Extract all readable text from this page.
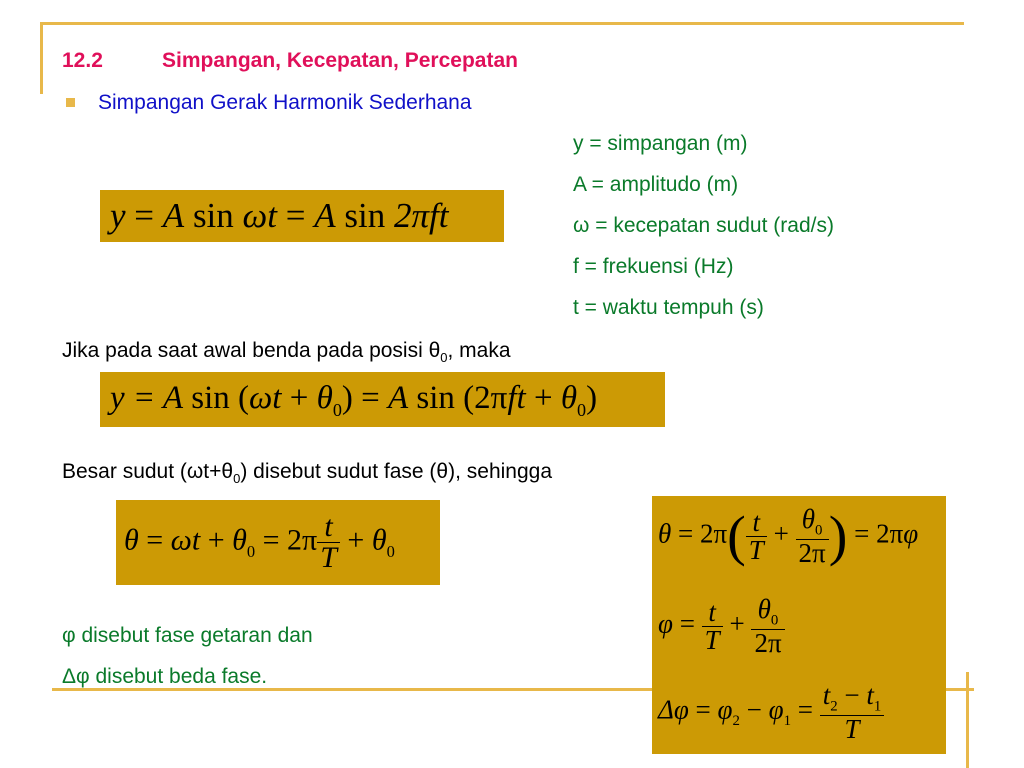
12.2	Simpangan, Kecepatan, Percepatan
Simpangan Gerak Harmonik Sederhana
y = simpangan (m)
A = amplitudo (m)
ω = kecepatan sudut (rad/s)
f = frekuensi (Hz)
t = waktu tempuh (s)
y = A sin ωt = A sin 2πft
Jika pada saat awal benda pada posisi $\theta_0$, maka
y = A $\sin (\omega t + \theta_0) = A$ $\sin (2\pi ft + \theta_0)$
Besar sudut $(\omega t+\theta_0)$ disebut sudut fase (θ), sehingga
$\theta = \omega t + \theta_0 = 2\pi \frac{t}{T} + \theta_0$
φ disebut fase getaran dan
Δφ disebut beda fase.
$\theta = 2\pi( \frac{t}{T} + \frac{\theta_0}{2\pi}$ ) = 2πφ
$\varphi = \frac{t}{T} + \frac{\theta_0}{2\pi}$
$\Delta\varphi = \varphi_2 - \varphi_1 = \frac{t_2 - t_1}{T}$
